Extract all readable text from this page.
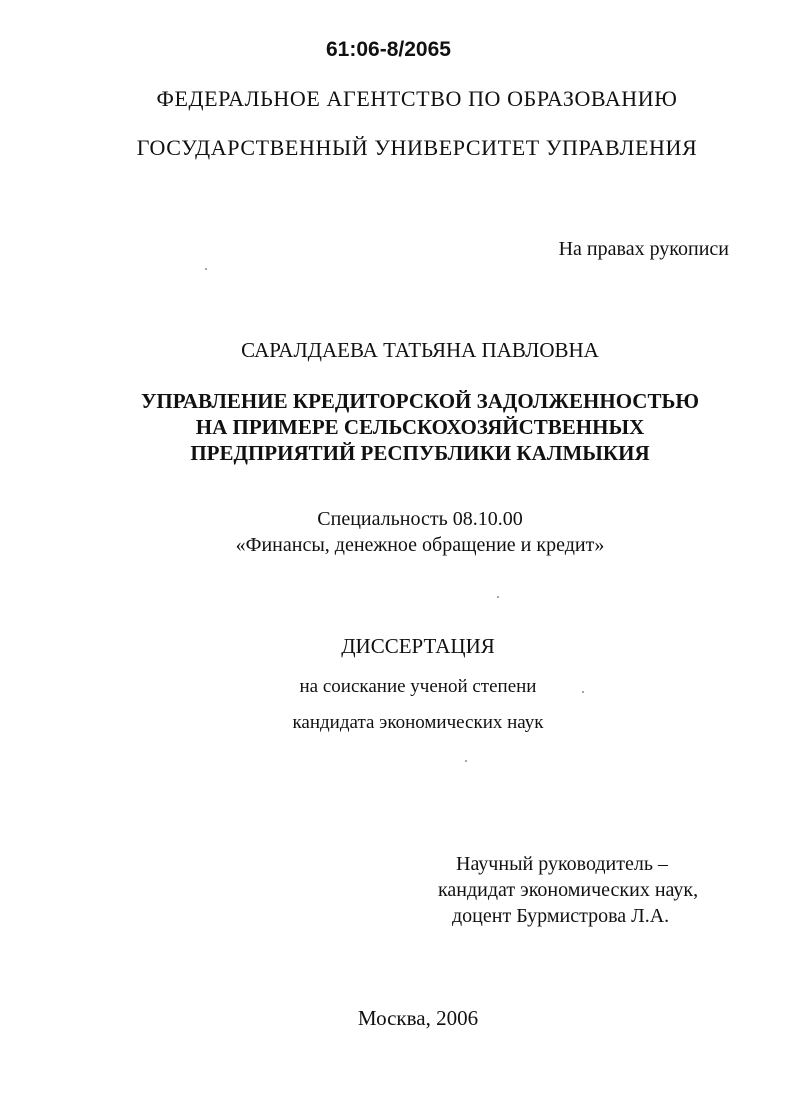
61:06-8/2065
ФЕДЕРАЛЬНОЕ АГЕНТСТВО ПО ОБРАЗОВАНИЮ
ГОСУДАРСТВЕННЫЙ УНИВЕРСИТЕТ УПРАВЛЕНИЯ
На правах рукописи
САРАЛДАЕВА ТАТЬЯНА ПАВЛОВНА
УПРАВЛЕНИЕ КРЕДИТОРСКОЙ ЗАДОЛЖЕННОСТЬЮ
НА ПРИМЕРЕ СЕЛЬСКОХОЗЯЙСТВЕННЫХ
ПРЕДПРИЯТИЙ РЕСПУБЛИКИ КАЛМЫКИЯ
Специальность 08.10.00
«Финансы, денежное обращение и кредит»
ДИССЕРТАЦИЯ
на соискание ученой степени
кандидата экономических наук
Научный руководитель –
кандидат экономических наук,
доцент Бурмистрова Л.А.
Москва, 2006
